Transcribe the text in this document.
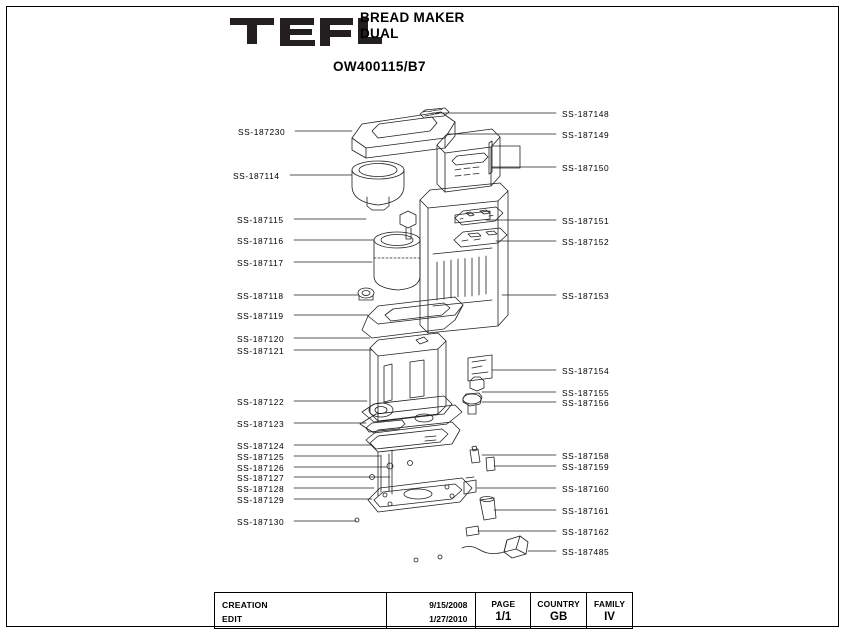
BREAD MAKER
DUAL
OW400115/B7
SS-187230
SS-187114
SS-187115
SS-187116
SS-187117
SS-187118
SS-187119
SS-187120
SS-187121
SS-187122
SS-187123
SS-187124
SS-187125
SS-187126
SS-187127
SS-187128
SS-187129
SS-187130
SS-187148
SS-187149
SS-187150
SS-187151
SS-187152
SS-187153
SS-187154
SS-187155
SS-187156
SS-187158
SS-187159
SS-187160
SS-187161
SS-187162
SS-187485
CREATION
EDIT
9/15/2008
1/27/2010
PAGE
1/1
COUNTRY
GB
FAMILY
IV
